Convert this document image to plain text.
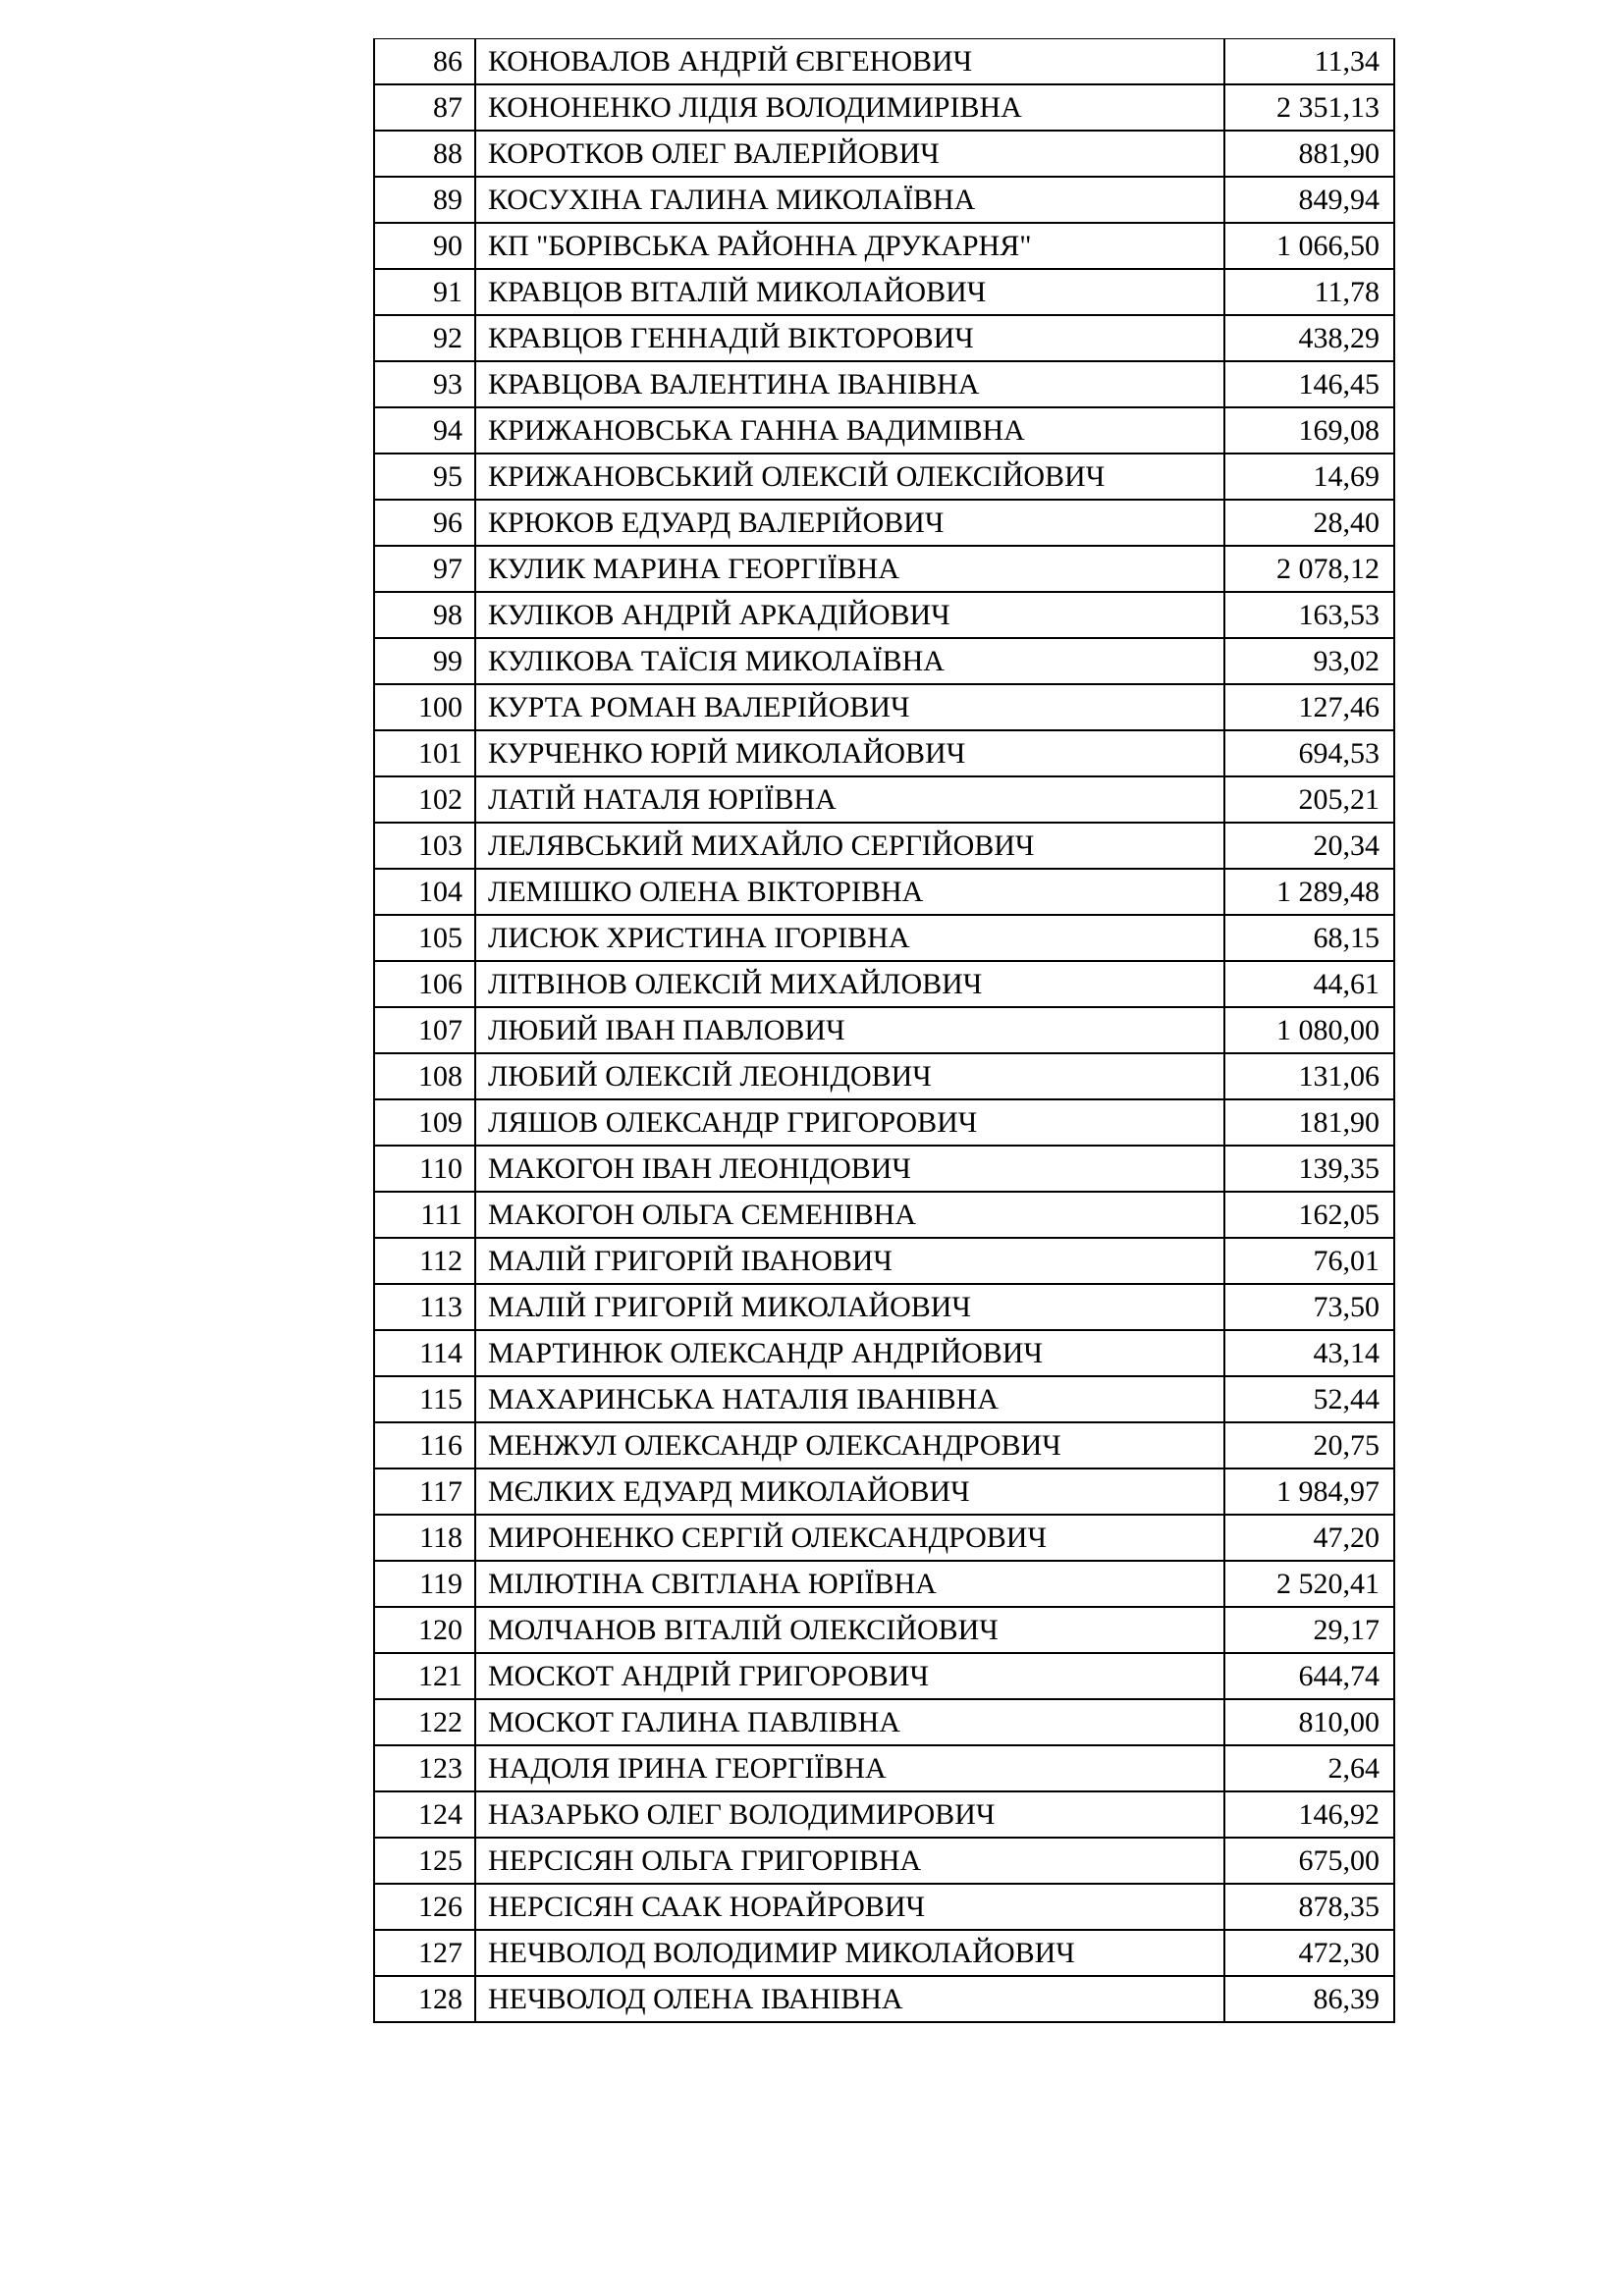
86	КОНОВАЛОВ АНДРІЙ ЄВГЕНОВИЧ	11,34
87	КОНОНЕНКО ЛІДІЯ ВОЛОДИМИРІВНА	2 351,13
88	КОРОТКОВ ОЛЕГ ВАЛЕРІЙОВИЧ	881,90
89	КОСУХІНА ГАЛИНА МИКОЛАЇВНА	849,94
90	КП "БОРІВСЬКА РАЙОННА ДРУКАРНЯ"	1 066,50
91	КРАВЦОВ ВІТАЛІЙ МИКОЛАЙОВИЧ	11,78
92	КРАВЦОВ ГЕННАДІЙ ВІКТОРОВИЧ	438,29
93	КРАВЦОВА ВАЛЕНТИНА ІВАНІВНА	146,45
94	КРИЖАНОВСЬКА ГАННА ВАДИМІВНА	169,08
95	КРИЖАНОВСЬКИЙ ОЛЕКСІЙ ОЛЕКСІЙОВИЧ	14,69
96	КРЮКОВ ЕДУАРД ВАЛЕРІЙОВИЧ	28,40
97	КУЛИК МАРИНА ГЕОРГІЇВНА	2 078,12
98	КУЛІКОВ АНДРІЙ АРКАДІЙОВИЧ	163,53
99	КУЛІКОВА ТАЇСІЯ МИКОЛАЇВНА	93,02
100	КУРТА РОМАН ВАЛЕРІЙОВИЧ	127,46
101	КУРЧЕНКО ЮРІЙ МИКОЛАЙОВИЧ	694,53
102	ЛАТІЙ НАТАЛЯ ЮРІЇВНА	205,21
103	ЛЕЛЯВСЬКИЙ МИХАЙЛО СЕРГІЙОВИЧ	20,34
104	ЛЕМІШКО ОЛЕНА ВІКТОРІВНА	1 289,48
105	ЛИСЮК ХРИСТИНА ІГОРІВНА	68,15
106	ЛІТВІНОВ ОЛЕКСІЙ МИХАЙЛОВИЧ	44,61
107	ЛЮБИЙ ІВАН ПАВЛОВИЧ	1 080,00
108	ЛЮБИЙ ОЛЕКСІЙ ЛЕОНІДОВИЧ	131,06
109	ЛЯШОВ ОЛЕКСАНДР ГРИГОРОВИЧ	181,90
110	МАКОГОН ІВАН ЛЕОНІДОВИЧ	139,35
111	МАКОГОН ОЛЬГА СЕМЕНІВНА	162,05
112	МАЛІЙ ГРИГОРІЙ ІВАНОВИЧ	76,01
113	МАЛІЙ ГРИГОРІЙ МИКОЛАЙОВИЧ	73,50
114	МАРТИНЮК ОЛЕКСАНДР АНДРІЙОВИЧ	43,14
115	МАХАРИНСЬКА НАТАЛІЯ ІВАНІВНА	52,44
116	МЕНЖУЛ ОЛЕКСАНДР ОЛЕКСАНДРОВИЧ	20,75
117	МЄЛКИХ ЕДУАРД МИКОЛАЙОВИЧ	1 984,97
118	МИРОНЕНКО СЕРГІЙ ОЛЕКСАНДРОВИЧ	47,20
119	МІЛЮТІНА СВІТЛАНА ЮРІЇВНА	2 520,41
120	МОЛЧАНОВ ВІТАЛІЙ ОЛЕКСІЙОВИЧ	29,17
121	МОСКОТ АНДРІЙ ГРИГОРОВИЧ	644,74
122	МОСКОТ ГАЛИНА ПАВЛІВНА	810,00
123	НАДОЛЯ ІРИНА ГЕОРГІЇВНА	2,64
124	НАЗАРЬКО ОЛЕГ ВОЛОДИМИРОВИЧ	146,92
125	НЕРСІСЯН ОЛЬГА ГРИГОРІВНА	675,00
126	НЕРСІСЯН СААК НОРАЙРОВИЧ	878,35
127	НЕЧВОЛОД ВОЛОДИМИР МИКОЛАЙОВИЧ	472,30
128	НЕЧВОЛОД ОЛЕНА ІВАНІВНА	86,39
